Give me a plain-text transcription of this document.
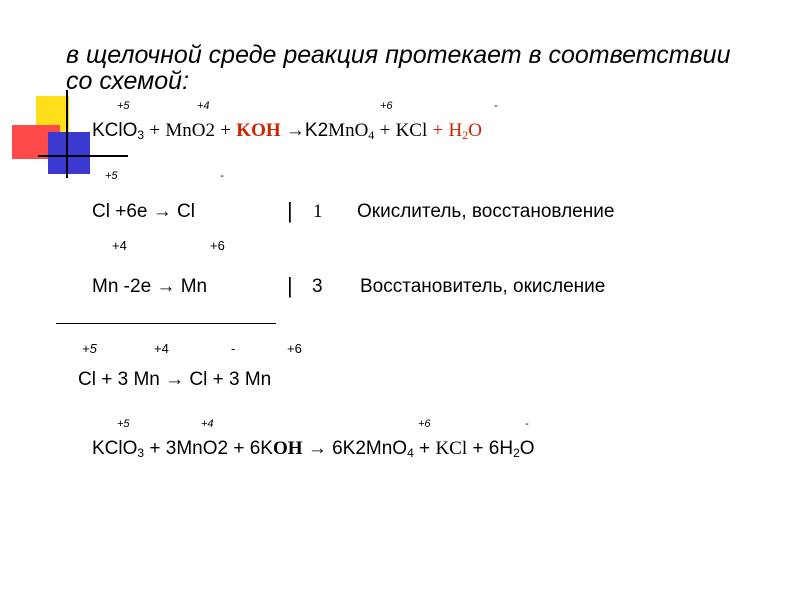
в щелочной среде реакция протекает в соответствии
со схемой:
+5	+4	+6	-
KClO$_3$ + MnO2 + KOH →K2MnO$_4$ + KCl + $H_2O$
+5	-
Cl +6e → Cl	| 1 Окислитель, восстановление
+4	+6
Mn -2e → Mn	| 3 Восстановитель, окисление
+5	+4	-	+6
Cl + 3 Mn → Cl + 3 Mn
+5	+4	+6	-
KClO$_3$ + 3MnO2 + 6KOH → 6K2MnO$_4$ + KCl + $6H_2O$
